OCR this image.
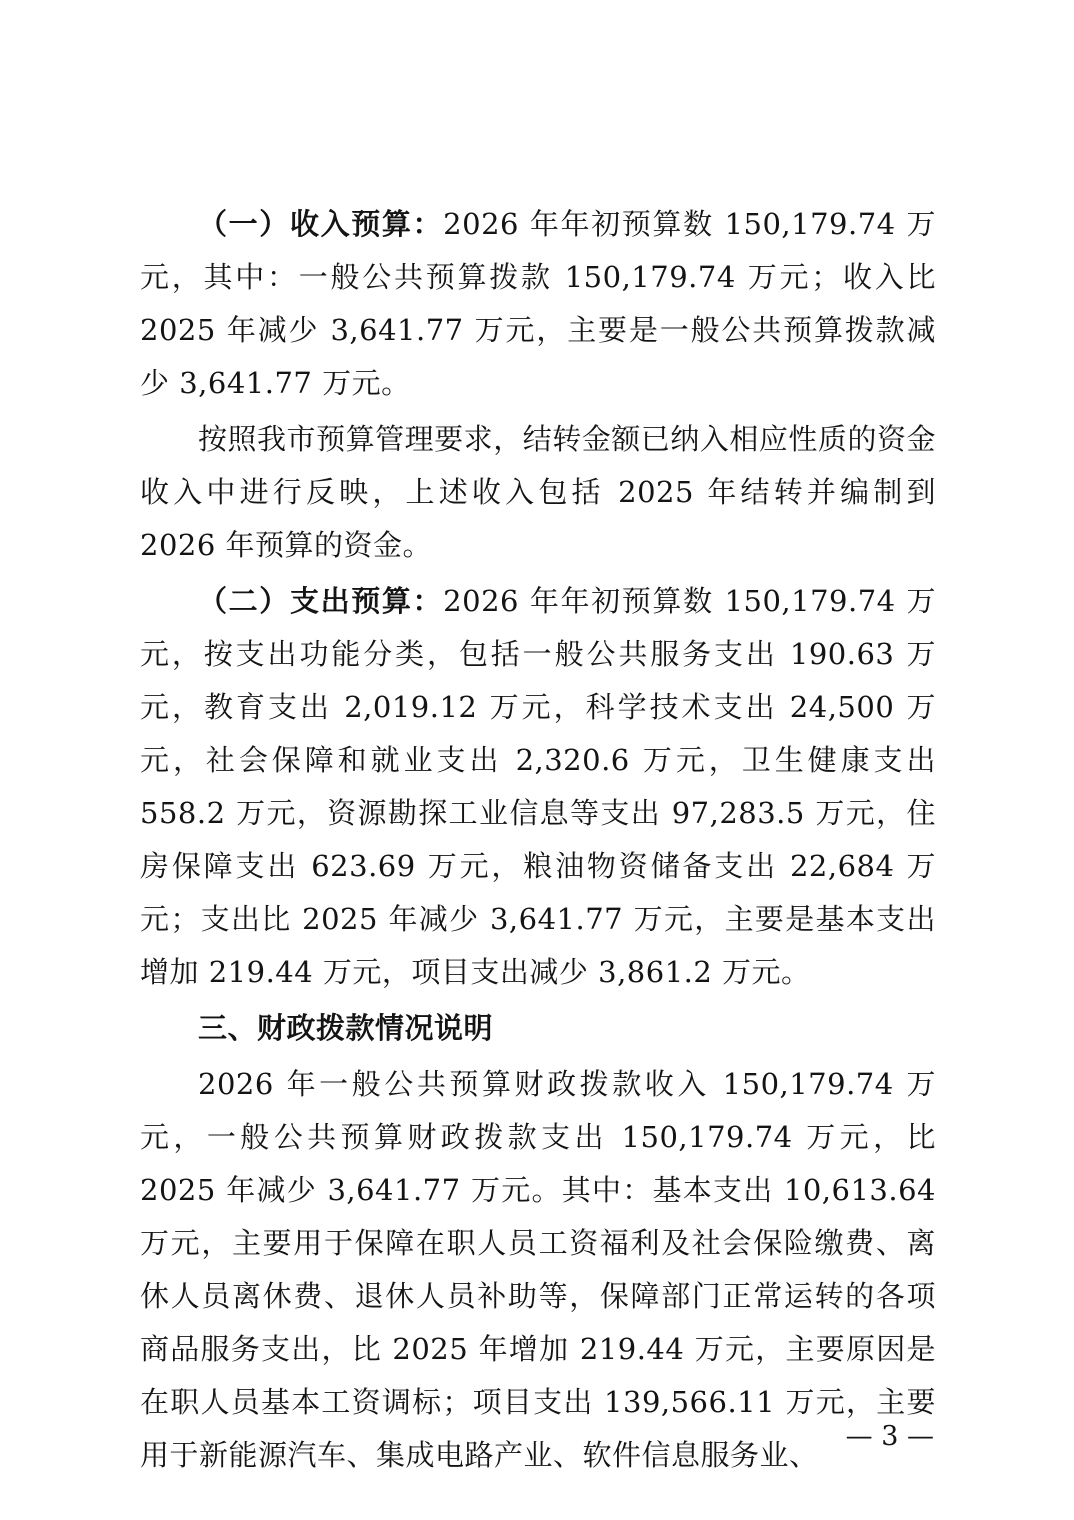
（一）收入预算：2026 年年初预算数 150,179.74 万元，其中：一般公共预算拨款 150,179.74 万元；收入比 2025 年减少 3,641.77 万元，主要是一般公共预算拨款减少 3,641.77 万元。

按照我市预算管理要求，结转金额已纳入相应性质的资金收入中进行反映，上述收入包括 2025 年结转并编制到 2026 年预算的资金。

（二）支出预算：2026 年年初预算数 150,179.74 万元，按支出功能分类，包括一般公共服务支出 190.63 万元，教育支出 2,019.12 万元，科学技术支出 24,500 万元，社会保障和就业支出 2,320.6 万元，卫生健康支出 558.2 万元，资源勘探工业信息等支出 97,283.5 万元，住房保障支出 623.69 万元，粮油物资储备支出 22,684 万元；支出比 2025 年减少 3,641.77 万元，主要是基本支出增加 219.44 万元，项目支出减少 3,861.2 万元。

三、财政拨款情况说明

2026 年一般公共预算财政拨款收入 150,179.74 万元，一般公共预算财政拨款支出 150,179.74 万元，比 2025 年减少 3,641.77 万元。其中：基本支出 10,613.64 万元，主要用于保障在职人员工资福利及社会保险缴费、离休人员离休费、退休人员补助等，保障部门正常运转的各项商品服务支出，比 2025 年增加 219.44 万元，主要原因是在职人员基本工资调标；项目支出 139,566.11 万元，主要用于新能源汽车、集成电路产业、软件信息服务业、

— 3 —
